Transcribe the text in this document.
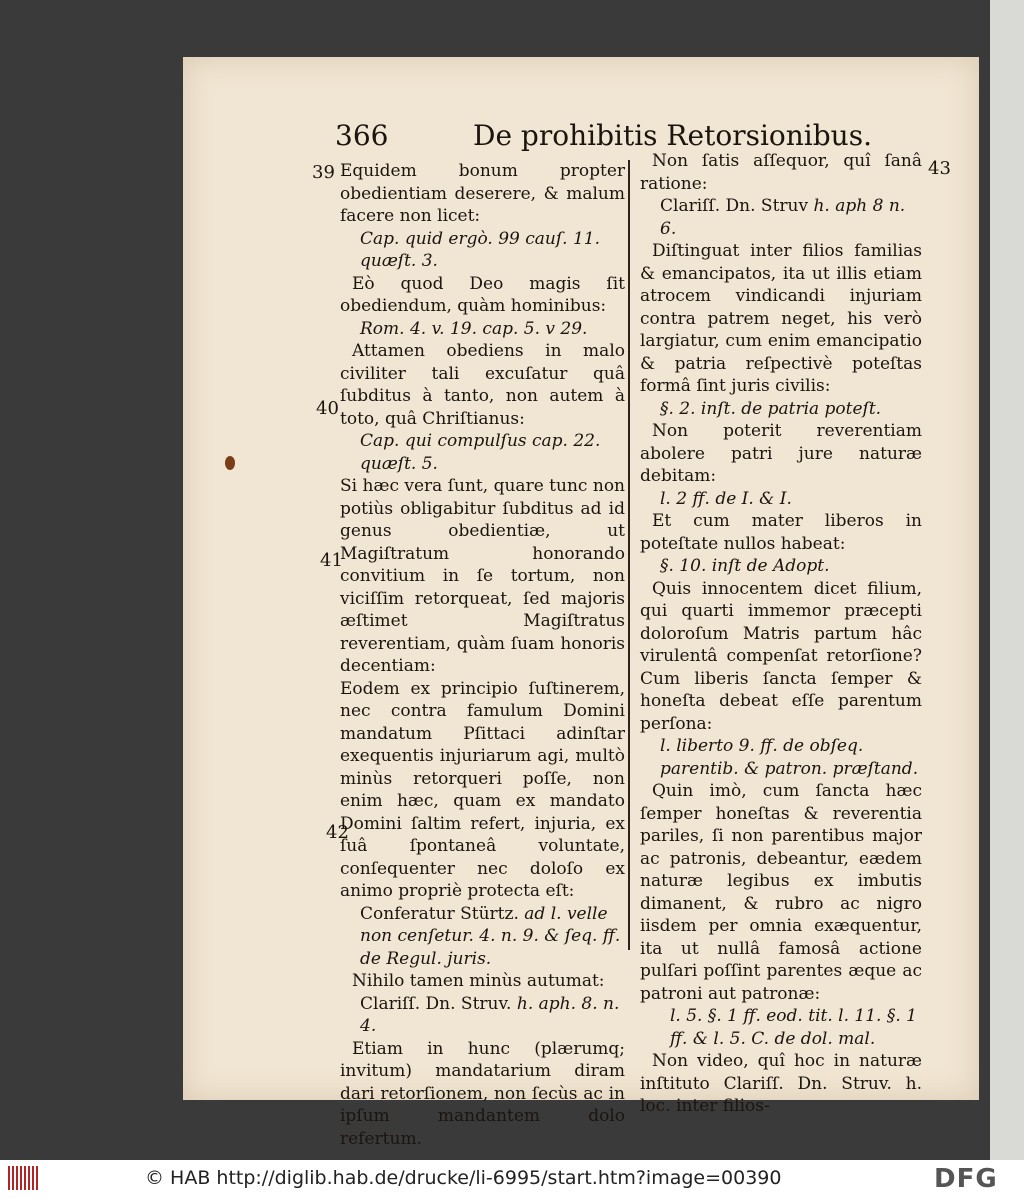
366	De prohibitis Retorsionibus.
39
40
41
42
43

Equidem bonum propter obedientiam deserere, & malum facere non licet:

Cap. quid ergò. 99 cauſ. 11. quæſt. 3.

Eò quod Deo magis ſit obediendum, quàm hominibus:

Rom. 4. v. 19. cap. 5. v 29.

Attamen obediens in malo civiliter tali excuſatur quâ ſubditus à tanto, non autem à toto, quâ Chriſtianus:

Cap. qui compulſus cap. 22. quæſt. 5.

Si hæc vera ſunt, quare tunc non potiùs obligabitur ſubditus ad id genus obedientiæ, ut Magiſtratum honorando convitium in ſe tortum, non viciſſim retorqueat, ſed majoris æſtimet Magiſtratus reverentiam, quàm ſuam honoris decentiam:

Eodem ex principio ſuſtinerem, nec contra famulum Domini mandatum Pſittaci adinſtar exequentis injuriarum agi, multò minùs retorqueri poſſe, non enim hæc, quam ex mandato Domini ſaltim refert, injuria, ex ſuâ ſpontaneâ voluntate, conſequenter nec doloſo ex animo propriè protecta eſt:

Conferatur Stürtz. ad l. velle non cenſetur. 4. n. 9. & ſeq. ff. de Regul. juris.

Nihilo tamen minùs autumat:

Clariſſ. Dn. Struv. h. aph. 8. n. 4.

Etiam in hunc (plærumq; invitum) mandatarium diram dari retorſionem, non ſecùs ac in ipſum mandantem dolo refertum.

Non ſatis aſſequor, quî ſanâ ratione:

Clariſſ. Dn. Struv h. aph 8 n. 6.

Diſtinguat inter filios familias & emancipatos, ita ut illis etiam atrocem vindicandi injuriam contra patrem neget, his verò largiatur, cum enim emancipatio & patria reſpectivè poteſtas formâ ſint juris civilis:

§. 2. inſt. de patria poteſt.

Non poterit reverentiam abolere patri jure naturæ debitam:

l. 2 ff. de I. & I.

Et cum mater liberos in poteſtate nullos habeat:

§. 10. inſt de Adopt.

Quis innocentem dicet filium, qui quarti immemor præcepti doloroſum Matris partum hâc virulentâ compenſat retorſione? Cum liberis ſancta ſemper & honeſta debeat eſſe parentum perſona:

l. liberto 9. ff. de obſeq. parentib. & patron. præſtand.

Quin imò, cum ſancta hæc ſemper honeſtas & reverentia pariles, ſi non parentibus major ac patronis, debeantur, eædem naturæ legibus ex imbutis dimanent, & rubro ac nigro iisdem per omnia exæquentur, ita ut nullâ famosâ actione pulſari poſſint parentes æque ac patroni aut patronæ:

l. 5. §. 1 ff. eod. tit. l. 11. §. 1 ff. & l. 5. C. de dol. mal.

Non video, quî hoc in naturæ inſtituto Clariſſ. Dn. Struv. h. loc. inter filios-

© HAB http://diglib.hab.de/drucke/li-6995/start.htm?image=00390	DFG
